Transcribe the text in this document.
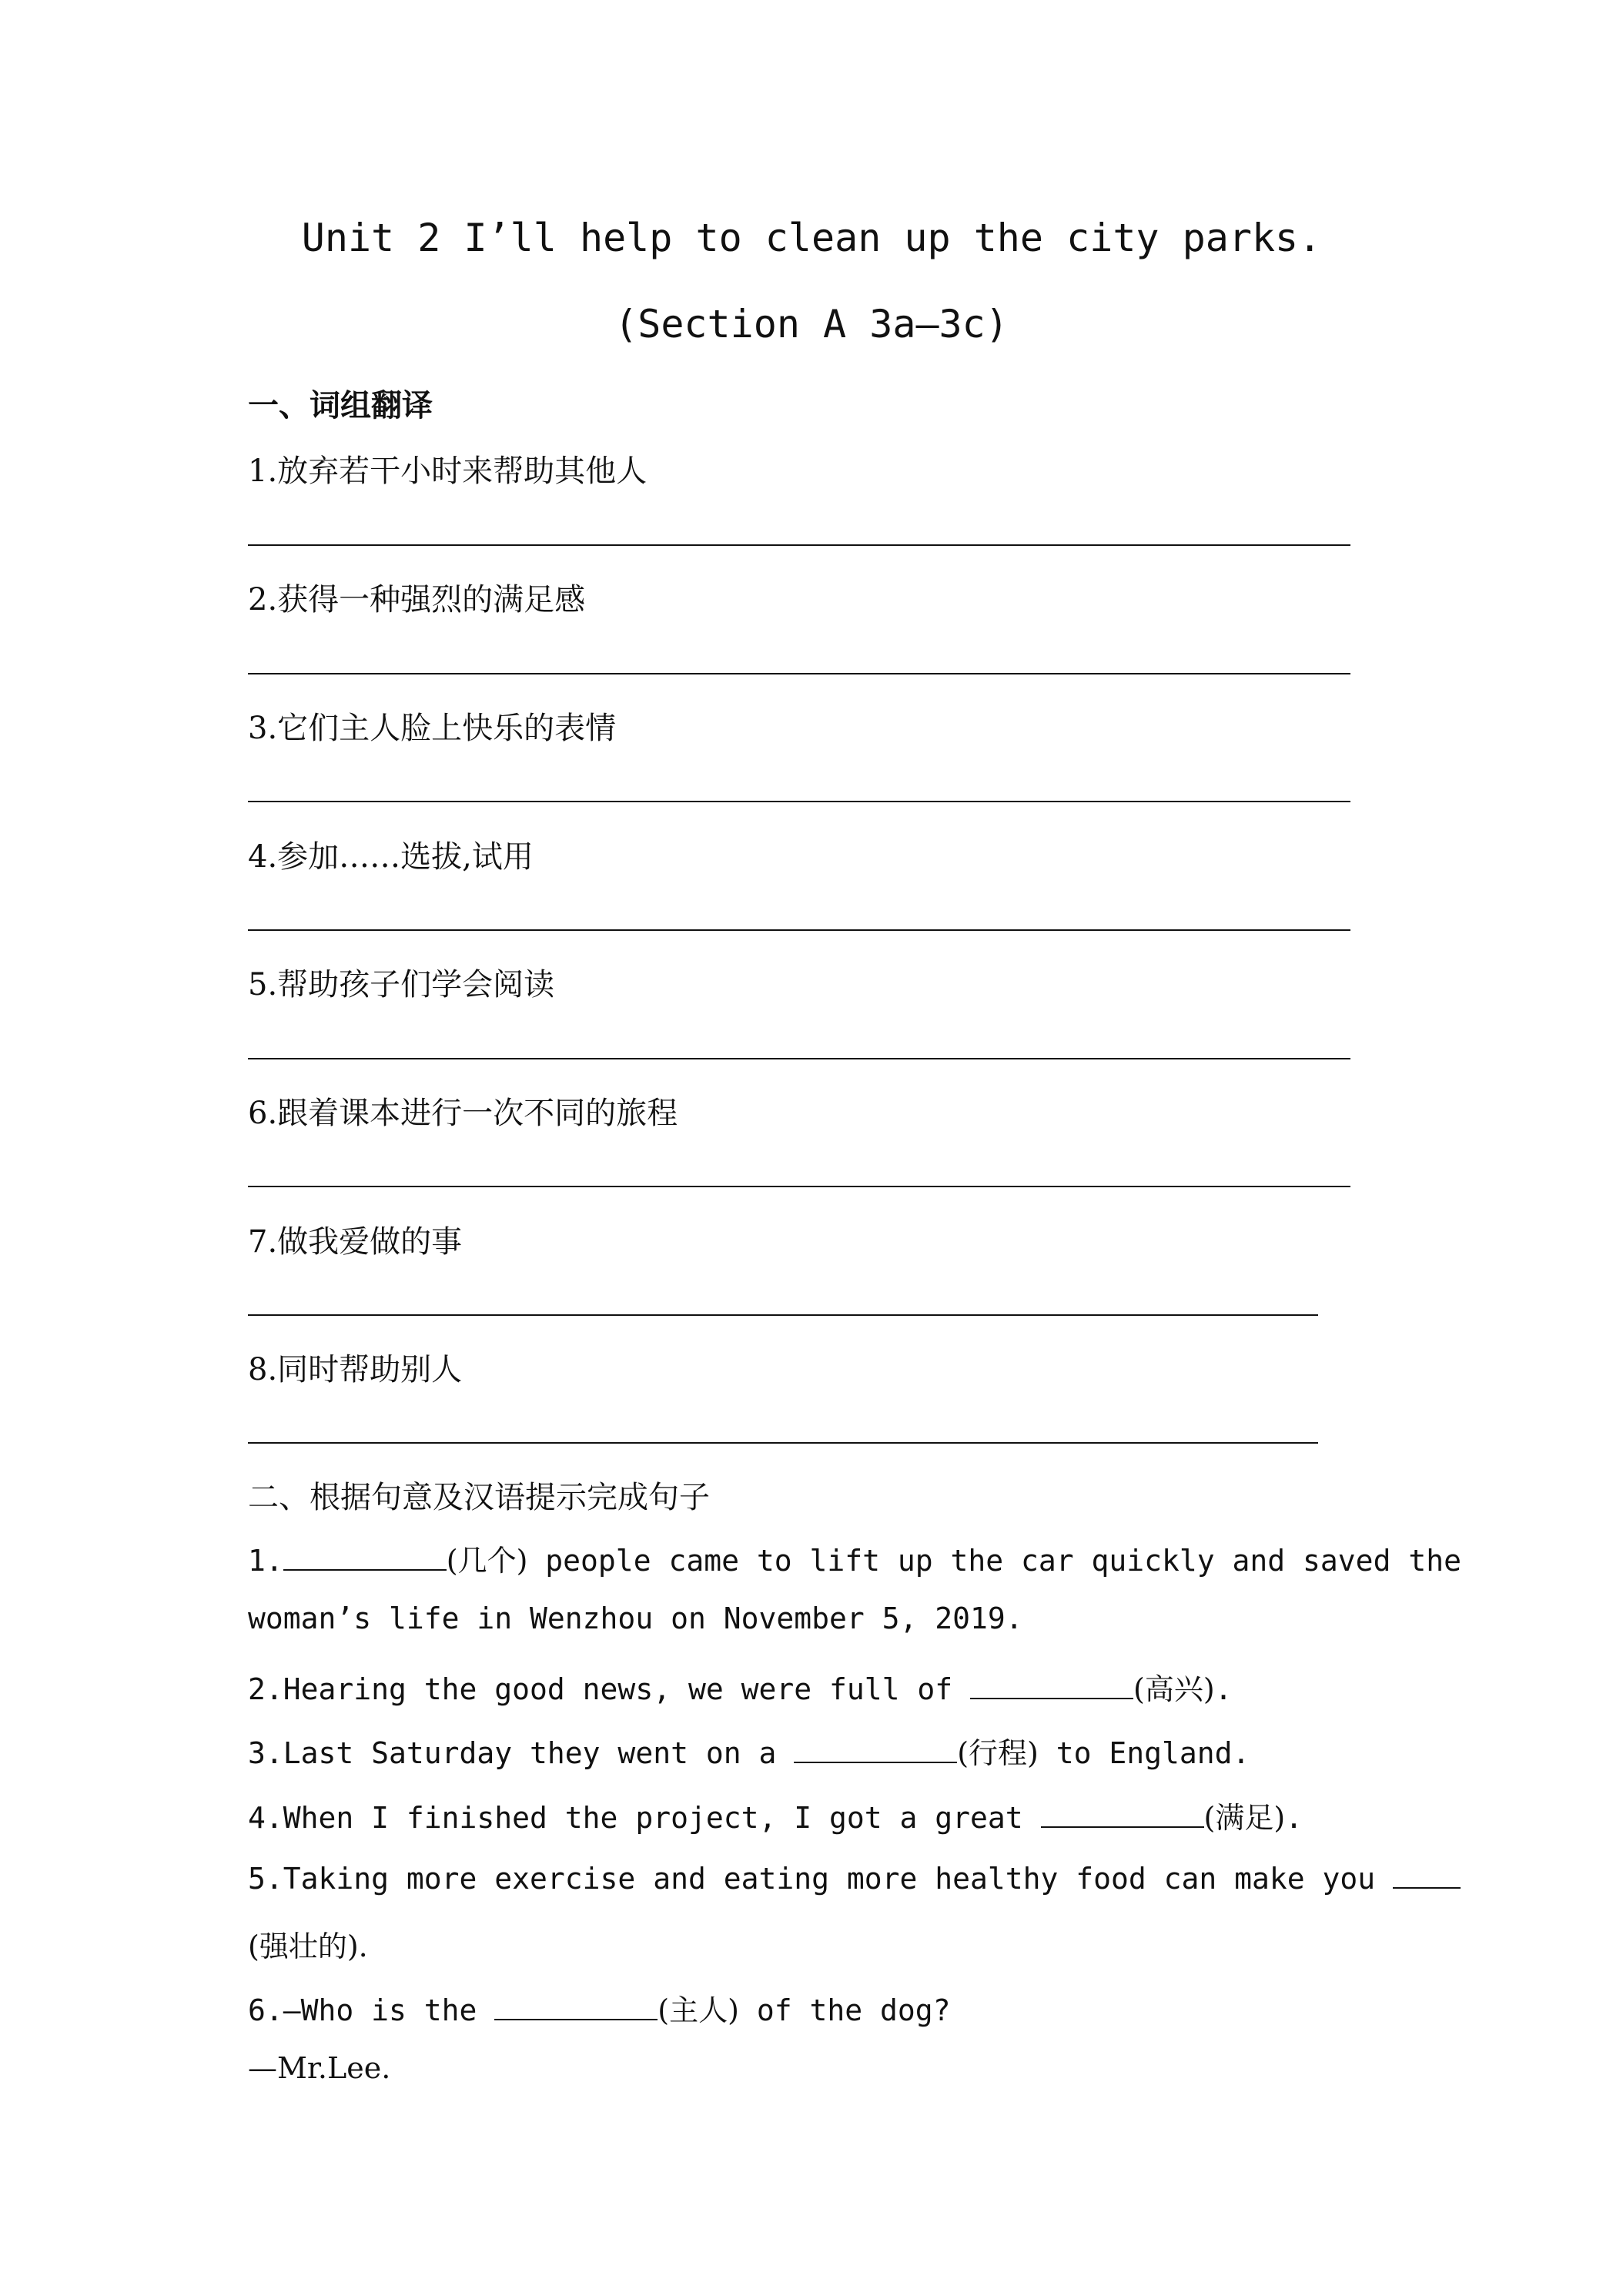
Unit 2 I’ll help to clean up the city parks.
(Section A 3a—3c)
一、词组翻译
1.放弃若干小时来帮助其他人
2.获得一种强烈的满足感
3.它们主人脸上快乐的表情
4.参加……选拔,试用
5.帮助孩子们学会阅读
6.跟着课本进行一次不同的旅程
7.做我爱做的事
8.同时帮助别人
二、根据句意及汉语提示完成句子
1.	(几个) people came to lift up the car quickly and saved the
woman’s life in Wenzhou on November 5, 2019.
2.Hearing the good news, we were full of	(高兴).
3.Last Saturday they went on a	(行程) to England.
4.When I finished the project, I got a great	(满足).
5.Taking more exercise and eating more healthy food can make you
(强壮的).
6.—Who is the	(主人) of the dog?
—Mr.Lee.
